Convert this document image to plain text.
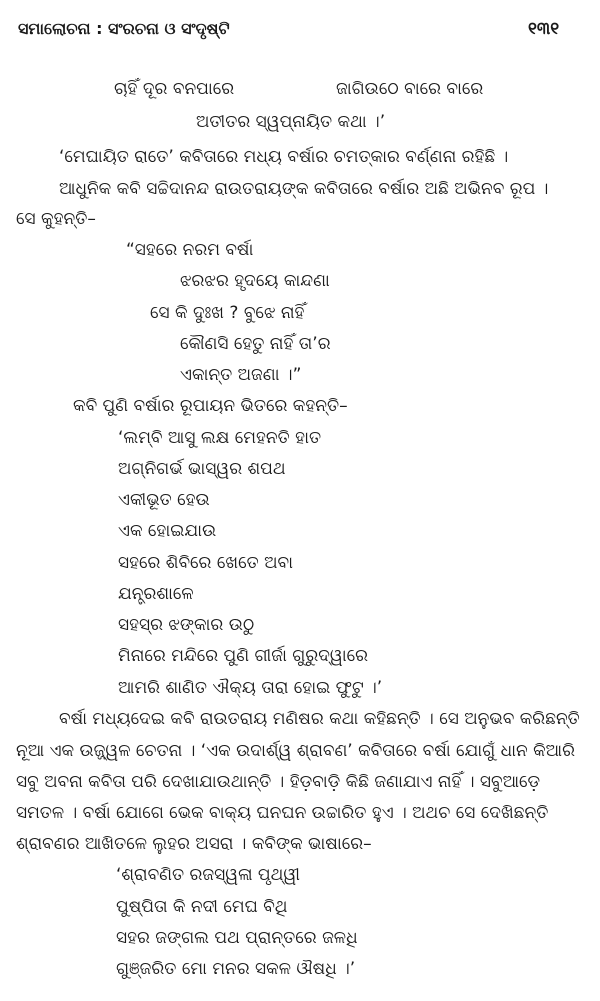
ସମାଲୋଚନା : ସଂରଚନା ଓ ସଂଦୃଷ୍ଟି	୧୩୧
ଚାହିଁ ଦୂର ବନପାରେ	ଜାଗିଉଠେ ବାରେ ବାରେ
ଅତୀତର ସ୍ୱପ୍ନାୟିତ କଥା ।’
‘ମେଘାୟିତ ରାତେ’ କବିତାରେ ମଧ୍ୟ ବର୍ଷାର ଚମତ୍କାର ବର୍ଣ୍ଣନା ରହିଛି ।
ଆଧୁନିକ କବି ସଚ୍ଚିଦାନନ୍ଦ ରାଉତରାୟଙ୍କ କବିତାରେ ବର୍ଷାର ଅଛି ଅଭିନବ ରୂପ ।
ସେ କୁହନ୍ତି–
“ସହରେ ନରମ ବର୍ଷା
ଝରଝର ହୃଦୟେ କାନ୍ଦଣା
ସେ କି ଦୁଃଖ ? ବୁଝେ ନାହିଁ
କୌଣସି ହେତୁ ନାହିଁ ତା’ର
ଏକାନ୍ତ ଅଜଣା ।”
କବି ପୁଣି ବର୍ଷାର ରୂପାୟନ ଭିତରେ କହନ୍ତି–
‘ଲମ୍ବି ଆସୁ ଲକ୍ଷ ମେହନତି ହାତ
ଅଗ୍ନିଗର୍ଭ ଭାସ୍ୱର ଶପଥ
ଏକୀଭୂତ ହେଉ
ଏକ ହୋଇଯାଉ
ସହରେ ଶିବିରେ ଖେତେ ଅବା
ଯନ୍ତ୍ରଶାଳେ
ସହସ୍ର ଝଙ୍କାର ଉଠୁ
ମିନାରେ ମନ୍ଦିରେ ପୁଣି ଗୀର୍ଜା ଗୁରୁଦ୍ୱାରେ
ଆମରି ଶାଣିତ ଐକ୍ୟ ତାରା ହୋଇ ଫୁଟୁ ।’
ବର୍ଷା ମଧ୍ୟଦେଇ କବି ରାଉତରାୟ ମଣିଷର କଥା କହିଛନ୍ତି । ସେ ଅନୁଭବ କରିଛନ୍ତି
ନୂଆ ଏକ ଉଜ୍ଜ୍ୱଳ ଚେତନା । ‘ଏକ ଉଦାର୍ଶ୍ୱ ଶ୍ରାବଣ’ କବିତାରେ ବର୍ଷା ଯୋଗୁଁ ଧାନ କିଆରି
ସବୁ ଅବନା କବିତା ପରି ଦେଖାଯାଉଥାନ୍ତି । ହିଡ଼ବାଡ଼ି କିଛି ଜଣାଯାଏ ନାହିଁ । ସବୁଆଡ଼େ
ସମତଳ । ବର୍ଷା ଯୋଗେ ଭେକ ବାକ୍ୟ ଘନଘନ ଉଚ୍ଚାରିତ ହୁଏ । ଅଥଚ ସେ ଦେଖିଛନ୍ତି
ଶ୍ରାବଣର ଆଖିତଳେ ଲୁହର ଅସରା । କବିଙ୍କ ଭାଷାରେ–
‘ଶ୍ରାବଣିତ ରଜସ୍ୱଳା ପୃଥ୍ୱୀ
ପୁଷ୍ପିତା କି ନଦୀ ମେଘ ବିଥି
ସହର ଜଙ୍ଗଲ ପଥ ପ୍ରାନ୍ତରେ ଜଳଧି
ଗୁଞ୍ଜରିତ ମୋ ମନର ସକଳ ଔଷଧି ।’
